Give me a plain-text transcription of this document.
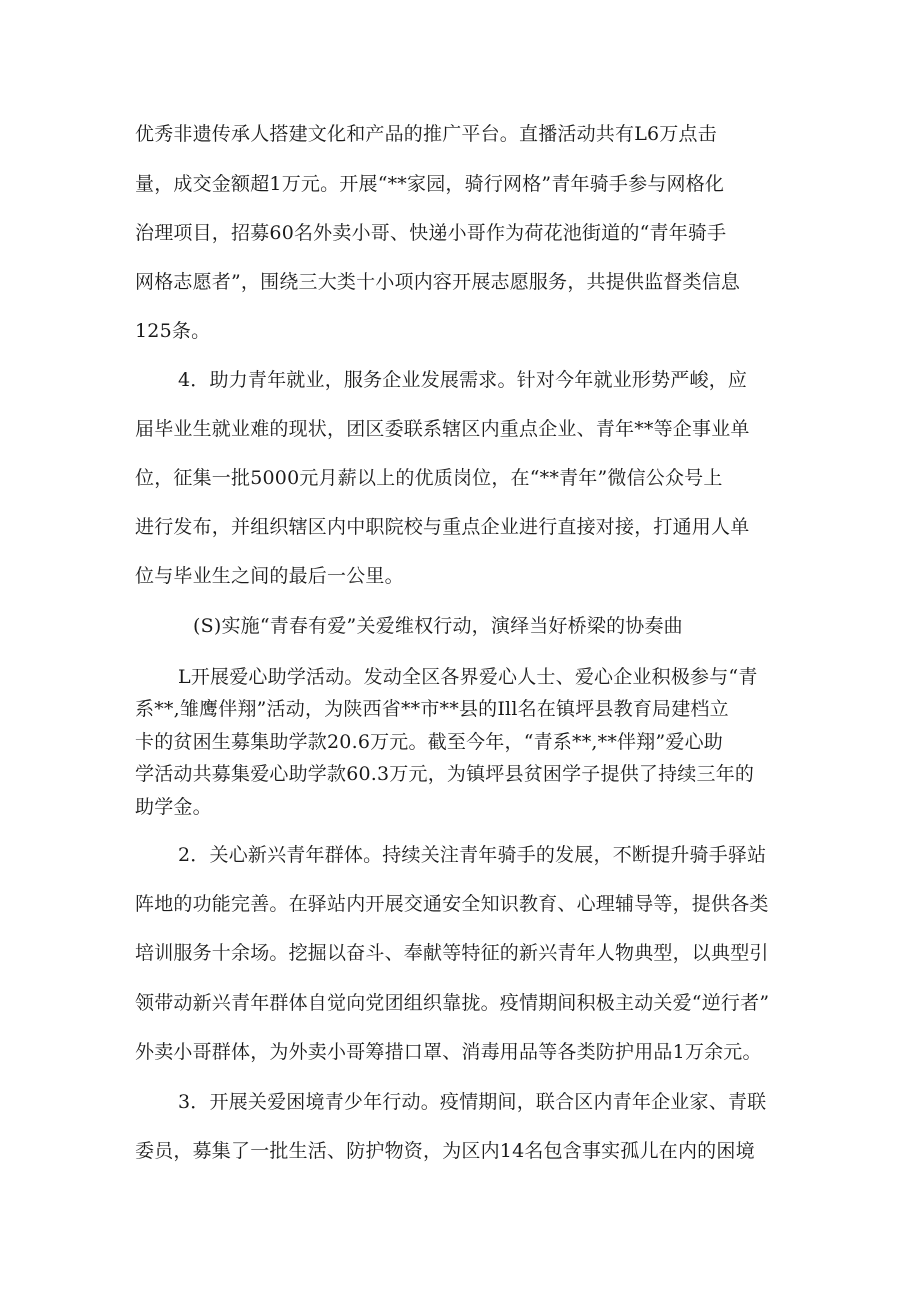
优秀非遗传承人搭建文化和产品的推广平台。直播活动共有L6万点击
量，成交金额超1万元。开展“**家园，骑行网格”青年骑手参与网格化
治理项目，招募60名外卖小哥、快递小哥作为荷花池街道的“青年骑手
网格志愿者”，围绕三大类十小项内容开展志愿服务，共提供监督类信息
125条。
4．助力青年就业，服务企业发展需求。针对今年就业形势严峻，应
届毕业生就业难的现状，团区委联系辖区内重点企业、青年**等企事业单
位，征集一批5000元月薪以上的优质岗位，在“**青年”微信公众号上
进行发布，并组织辖区内中职院校与重点企业进行直接对接，打通用人单
位与毕业生之间的最后一公里。
(S)实施“青春有爱”关爱维权行动，演绎当好桥梁的协奏曲
L开展爱心助学活动。发动全区各界爱心人士、爱心企业积极参与“青
系**,雏鹰伴翔”活动，为陕西省**市**县的Ill名在镇坪县教育局建档立
卡的贫困生募集助学款20.6万元。截至今年，“青系**,**伴翔”爱心助
学活动共募集爱心助学款60.3万元，为镇坪县贫困学子提供了持续三年的
助学金。
2．关心新兴青年群体。持续关注青年骑手的发展，不断提升骑手驿站
阵地的功能完善。在驿站内开展交通安全知识教育、心理辅导等，提供各类
培训服务十余场。挖掘以奋斗、奉献等特征的新兴青年人物典型，以典型引
领带动新兴青年群体自觉向党团组织靠拢。疫情期间积极主动关爱“逆行者”
外卖小哥群体，为外卖小哥筹措口罩、消毒用品等各类防护用品1万余元。
3．开展关爱困境青少年行动。疫情期间，联合区内青年企业家、青联
委员，募集了一批生活、防护物资，为区内14名包含事实孤儿在内的困境
